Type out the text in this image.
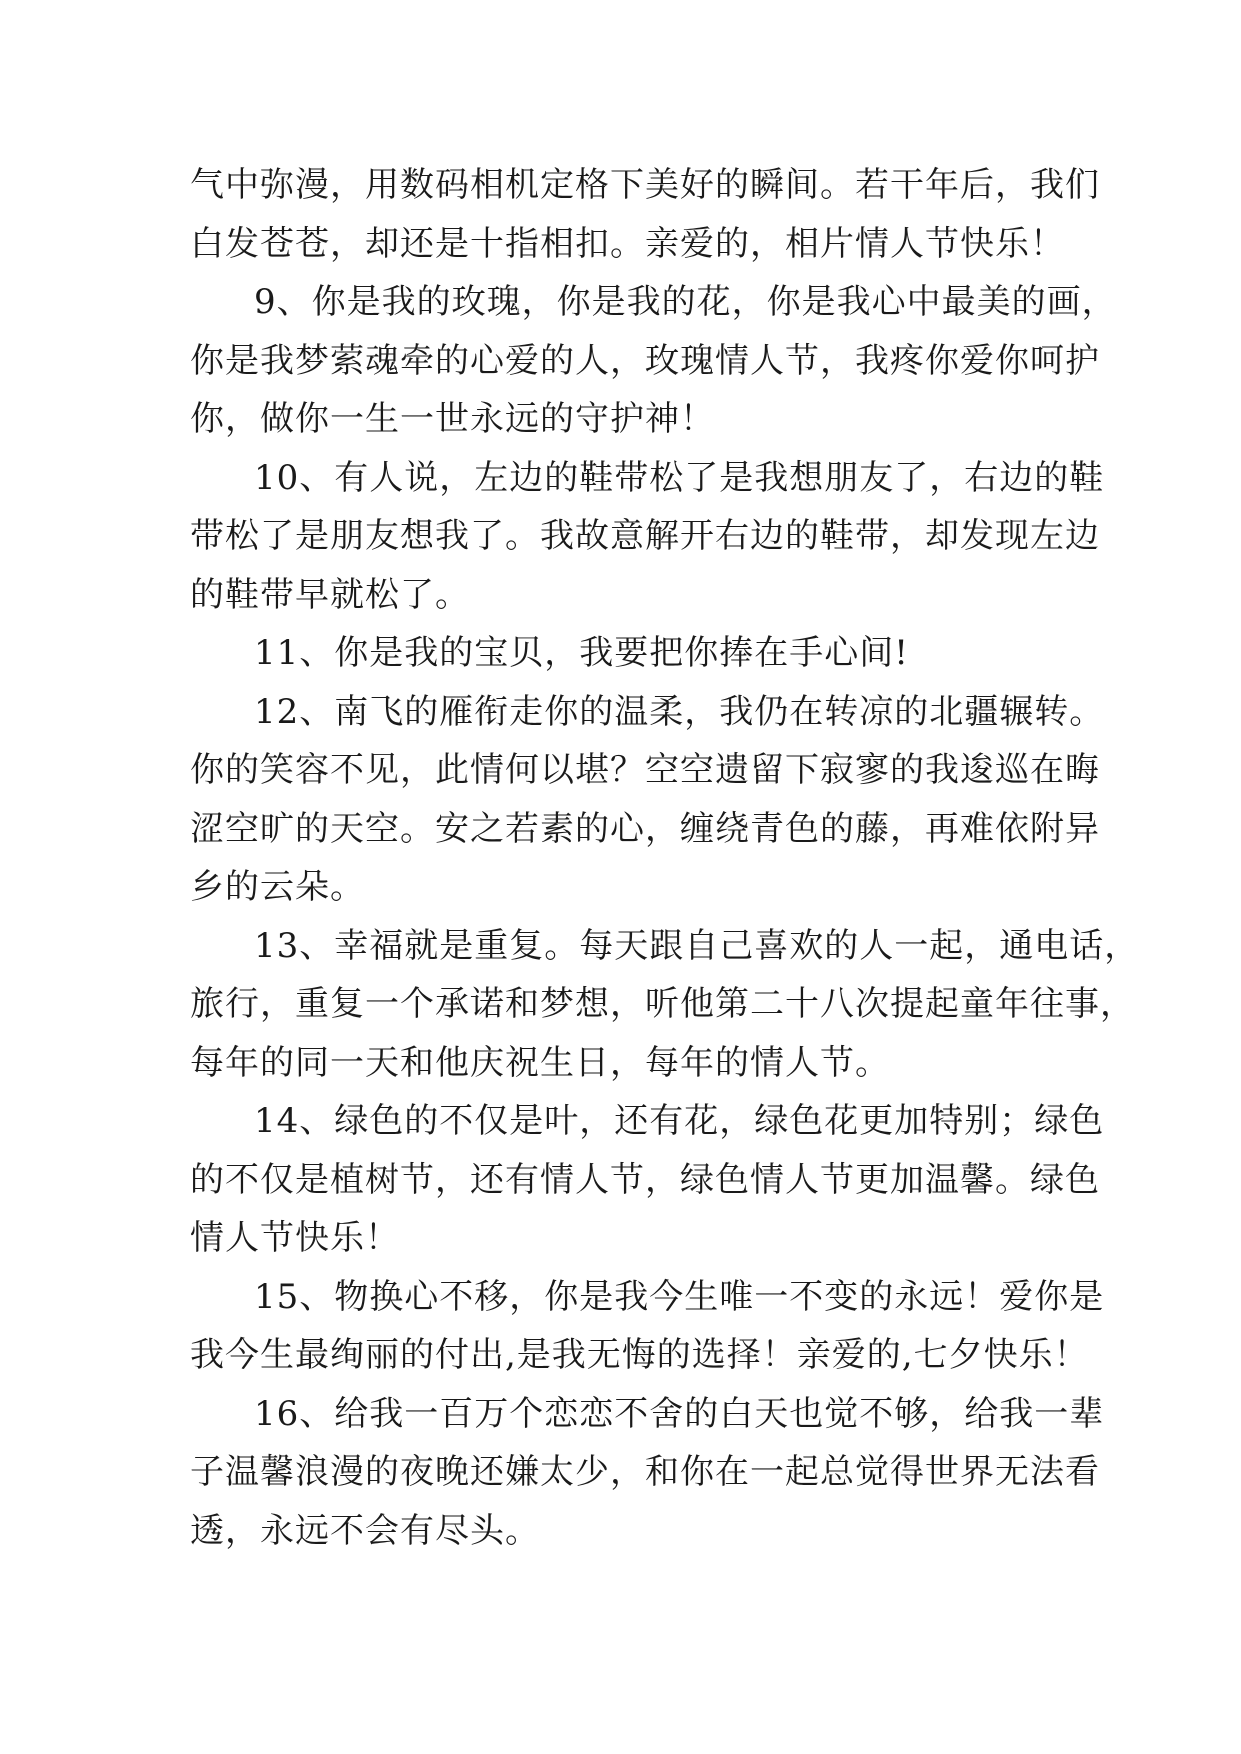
气中弥漫，用数码相机定格下美好的瞬间。若干年后，我们
白发苍苍，却还是十指相扣。亲爱的，相片情人节快乐！
9、你是我的玫瑰，你是我的花，你是我心中最美的画，
你是我梦萦魂牵的心爱的人，玫瑰情人节，我疼你爱你呵护
你，做你一生一世永远的守护神！
10、有人说，左边的鞋带松了是我想朋友了，右边的鞋
带松了是朋友想我了。我故意解开右边的鞋带，却发现左边
的鞋带早就松了。
11、你是我的宝贝，我要把你捧在手心间!
12、南飞的雁衔走你的温柔，我仍在转凉的北疆辗转。
你的笑容不见，此情何以堪？空空遗留下寂寥的我逡巡在晦
涩空旷的天空。安之若素的心，缠绕青色的藤，再难依附异
乡的云朵。
13、幸福就是重复。每天跟自己喜欢的人一起，通电话，
旅行，重复一个承诺和梦想，听他第二十八次提起童年往事，
每年的同一天和他庆祝生日，每年的情人节。
14、绿色的不仅是叶，还有花，绿色花更加特别；绿色
的不仅是植树节，还有情人节，绿色情人节更加温馨。绿色
情人节快乐！
15、物换心不移，你是我今生唯一不变的永远！爱你是
我今生最绚丽的付出,是我无悔的选择！亲爱的,七夕快乐！
16、给我一百万个恋恋不舍的白天也觉不够，给我一辈
子温馨浪漫的夜晚还嫌太少，和你在一起总觉得世界无法看
透，永远不会有尽头。
